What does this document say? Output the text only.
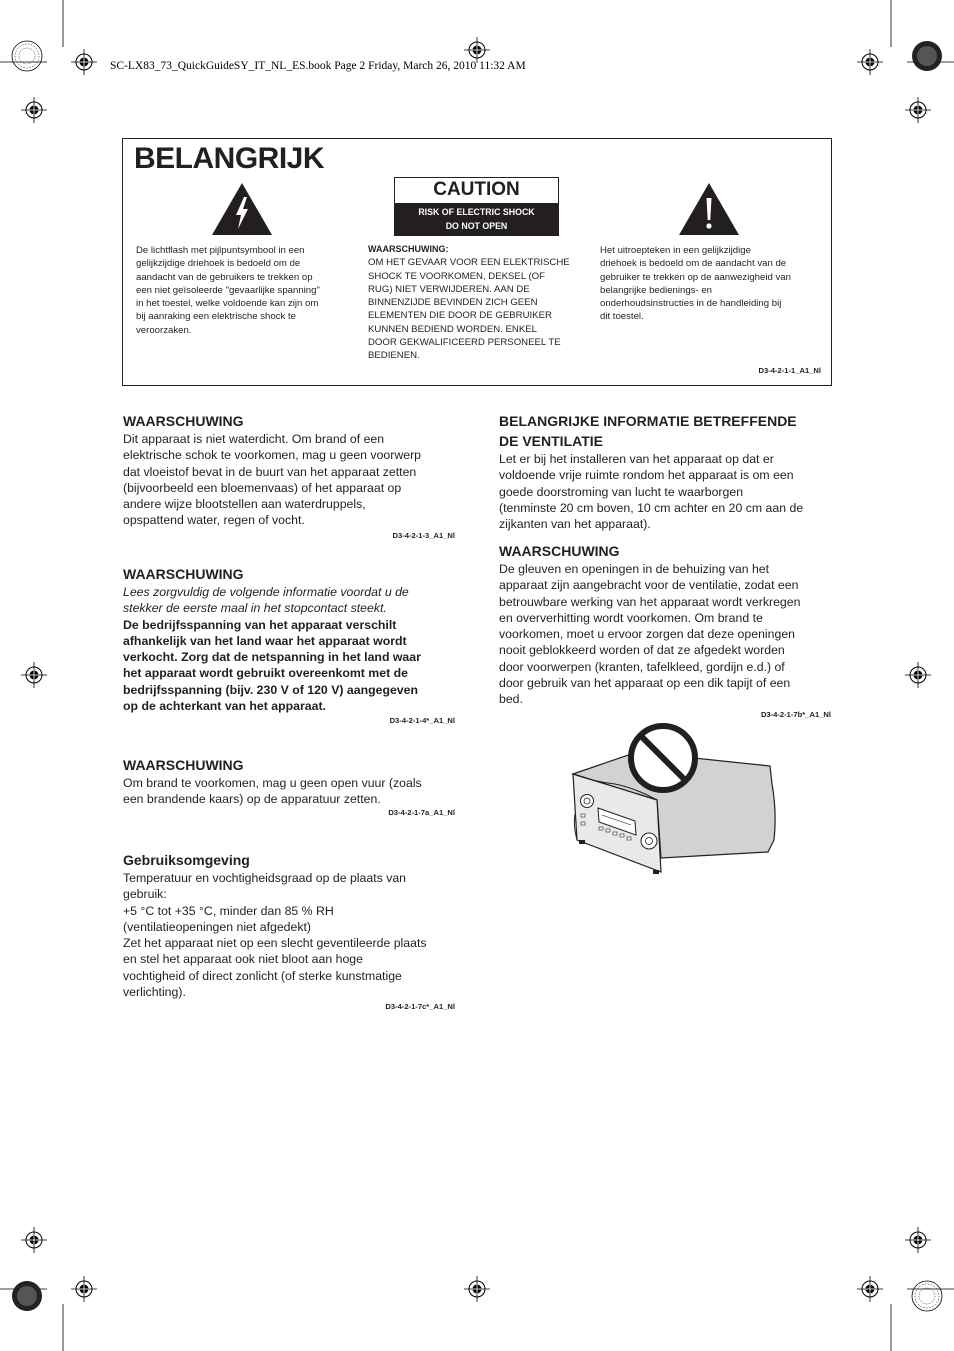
SC-LX83_73_QuickGuideSY_IT_NL_ES.book Page 2 Friday, March 26, 2010 11:32 AM
BELANGRIJK
CAUTION
RISK OF ELECTRIC SHOCK
DO NOT OPEN
De lichtflash met pijlpuntsymbool in een
gelijkzijdige driehoek is bedoeld om de
aandacht van de gebruikers te trekken op
een niet geïsoleerde "gevaarlijke spanning"
in het toestel, welke voldoende kan zijn om
bij aanraking een elektrische shock te
veroorzaken.
WAARSCHUWING:
OM HET GEVAAR VOOR EEN ELEKTRISCHE
SHOCK TE VOORKOMEN, DEKSEL (OF
RUG) NIET VERWIJDEREN. AAN DE
BINNENZIJDE BEVINDEN ZICH GEEN
ELEMENTEN DIE DOOR DE GEBRUIKER
KUNNEN BEDIEND WORDEN. ENKEL
DOOR GEKWALIFICEERD PERSONEEL TE
BEDIENEN.
Het uitroepteken in een gelijkzijdige
driehoek is bedoeld om de aandacht van de
gebruiker te trekken op de aanwezigheid van
belangrijke bedienings- en
onderhoudsinstructies in de handleiding bij
dit toestel.
D3-4-2-1-1_A1_Nl
WAARSCHUWING
Dit apparaat is niet waterdicht. Om brand of een
elektrische schok te voorkomen, mag u geen voorwerp
dat vloeistof bevat in de buurt van het apparaat zetten
(bijvoorbeeld een bloemenvaas) of het apparaat op
andere wijze blootstellen aan waterdruppels,
opspattend water, regen of vocht.
D3-4-2-1-3_A1_Nl
WAARSCHUWING
Lees zorgvuldig de volgende informatie voordat u de
stekker de eerste maal in het stopcontact steekt.
De bedrijfsspanning van het apparaat verschilt
afhankelijk van het land waar het apparaat wordt
verkocht. Zorg dat de netspanning in het land waar
het apparaat wordt gebruikt overeenkomt met de
bedrijfsspanning (bijv. 230 V of 120 V) aangegeven
op de achterkant van het apparaat.
D3-4-2-1-4*_A1_Nl
WAARSCHUWING
Om brand te voorkomen, mag u geen open vuur (zoals
een brandende kaars) op de apparatuur zetten.
D3-4-2-1-7a_A1_Nl
Gebruiksomgeving
Temperatuur en vochtigheidsgraad op de plaats van
gebruik:
+5 °C tot +35 °C, minder dan 85 % RH
(ventilatieopeningen niet afgedekt)
Zet het apparaat niet op een slecht geventileerde plaats
en stel het apparaat ook niet bloot aan hoge
vochtigheid of direct zonlicht (of sterke kunstmatige
verlichting).
D3-4-2-1-7c*_A1_Nl
BELANGRIJKE INFORMATIE BETREFFENDE
DE VENTILATIE
Let er bij het installeren van het apparaat op dat er
voldoende vrije ruimte rondom het apparaat is om een
goede doorstroming van lucht te waarborgen
(tenminste 20 cm boven, 10 cm achter en 20 cm aan de
zijkanten van het apparaat).
WAARSCHUWING
De gleuven en openingen in de behuizing van het
apparaat zijn aangebracht voor de ventilatie, zodat een
betrouwbare werking van het apparaat wordt verkregen
en oververhitting wordt voorkomen. Om brand te
voorkomen, moet u ervoor zorgen dat deze openingen
nooit geblokkeerd worden of dat ze afgedekt worden
door voorwerpen (kranten, tafelkleed, gordijn e.d.) of
door gebruik van het apparaat op een dik tapijt of een
bed.
D3-4-2-1-7b*_A1_Nl
